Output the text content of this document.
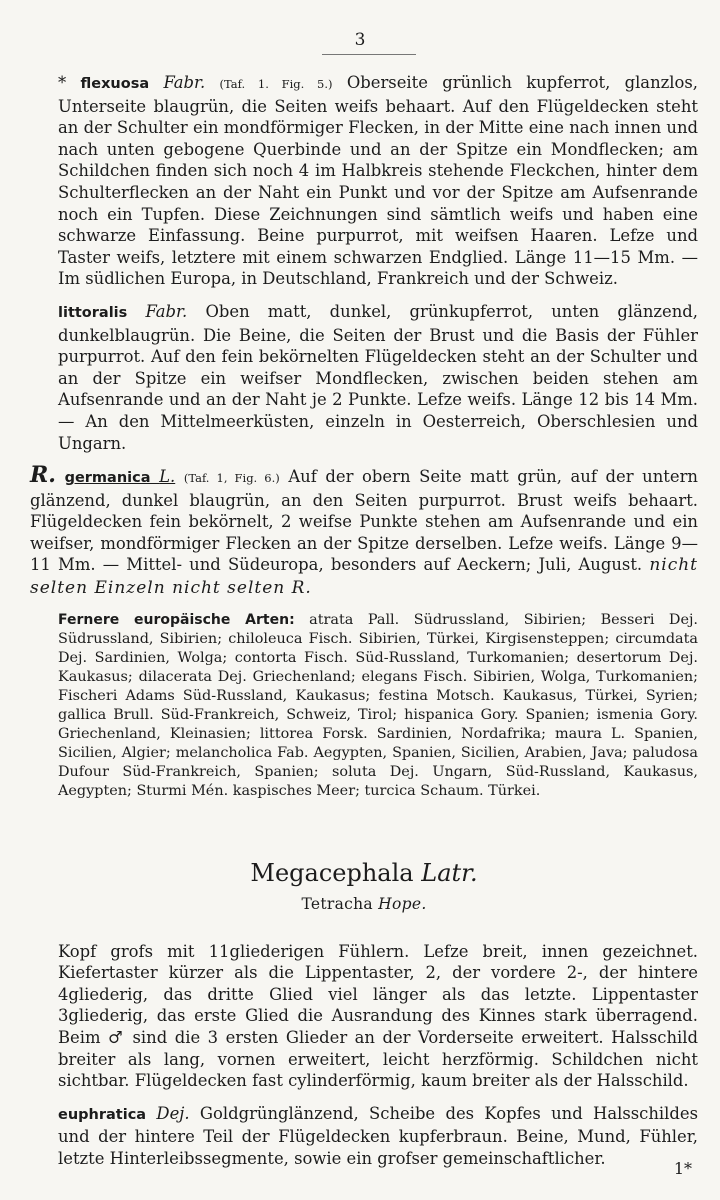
3

* flexuosa Fabr. (Taf. 1. Fig. 5.) Oberseite grünlich kupferrot, glanzlos, Unterseite blaugrün, die Seiten weifs behaart. Auf den Flügeldecken steht an der Schulter ein mondförmiger Flecken, in der Mitte eine nach innen und nach unten gebogene Querbinde und an der Spitze ein Mondflecken; am Schildchen finden sich noch 4 im Halbkreis stehende Fleckchen, hinter dem Schulterflecken an der Naht ein Punkt und vor der Spitze am Aufsenrande noch ein Tupfen. Diese Zeichnungen sind sämtlich weifs und haben eine schwarze Einfassung. Beine purpurrot, mit weifsen Haaren. Lefze und Taster weifs, letztere mit einem schwarzen Endglied. Länge 11—15 Mm. — Im südlichen Europa, in Deutschland, Frankreich und der Schweiz.

littoralis Fabr. Oben matt, dunkel, grünkupferrot, unten glänzend, dunkelblaugrün. Die Beine, die Seiten der Brust und die Basis der Fühler purpurrot. Auf den fein bekörnelten Flügeldecken steht an der Schulter und an der Spitze ein weifser Mondflecken, zwischen beiden stehen am Aufsenrande und an der Naht je 2 Punkte. Lefze weifs. Länge 12 bis 14 Mm. — An den Mittelmeerküsten, einzeln in Oesterreich, Oberschlesien und Ungarn.

R. germanica L. (Taf. 1, Fig. 6.) Auf der obern Seite matt grün, auf der untern glänzend, dunkel blaugrün, an den Seiten purpurrot. Brust weifs behaart. Flügeldecken fein bekörnelt, 2 weifse Punkte stehen am Aufsenrande und ein weifser, mondförmiger Flecken an der Spitze derselben. Lefze weifs. Länge 9—11 Mm. — Mittel- und Südeuropa, besonders auf Aeckern; Juli, August. nicht selten Einzeln nicht selten R.

Fernere europäische Arten: atrata Pall. Südrussland, Sibirien; Besseri Dej. Südrussland, Sibirien; chiloleuca Fisch. Sibirien, Türkei, Kirgisensteppen; circumdata Dej. Sardinien, Wolga; contorta Fisch. Süd-Russland, Turkomanien; desertorum Dej. Kaukasus; dilacerata Dej. Griechenland; elegans Fisch. Sibirien, Wolga, Turkomanien; Fischeri Adams Süd-Russland, Kaukasus; festina Motsch. Kaukasus, Türkei, Syrien; gallica Brull. Süd-Frankreich, Schweiz, Tirol; hispanica Gory. Spanien; ismenia Gory. Griechenland, Kleinasien; littorea Forsk. Sardinien, Nordafrika; maura L. Spanien, Sicilien, Algier; melancholica Fab. Aegypten, Spanien, Sicilien, Arabien, Java; paludosa Dufour Süd-Frankreich, Spanien; soluta Dej. Ungarn, Süd-Russland, Kaukasus, Aegypten; Sturmi Mén. kaspisches Meer; turcica Schaum. Türkei.

Megacephala Latr.
Tetracha Hope.

Kopf grofs mit 11gliederigen Fühlern. Lefze breit, innen gezeichnet. Kiefertaster kürzer als die Lippentaster, 2, der vordere 2-, der hintere 4gliederig, das dritte Glied viel länger als das letzte. Lippentaster 3gliederig, das erste Glied die Ausrandung des Kinnes stark überragend. Beim ♂ sind die 3 ersten Glieder an der Vorderseite erweitert. Halsschild breiter als lang, vornen erweitert, leicht herzförmig. Schildchen nicht sichtbar. Flügeldecken fast cylinderförmig, kaum breiter als der Halsschild.

euphratica Dej. Goldgrünglänzend, Scheibe des Kopfes und Halsschildes und der hintere Teil der Flügeldecken kupferbraun. Beine, Mund, Fühler, letzte Hinterleibssegmente, sowie ein grofser gemeinschaftlicher.

1*
